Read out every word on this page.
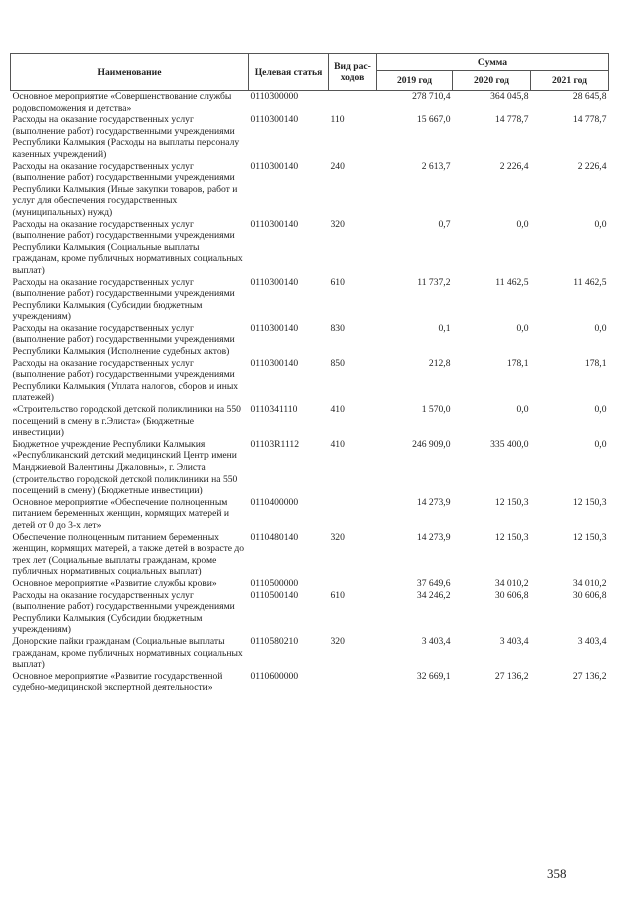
Наименование	Целевая статья	Вид рас-ходов	Сумма		
			2019 год	2020 год	2021 год
Основное мероприятие «Совершенствование службы родовспоможения и детства»	0110300000		278 710,4	364 045,8	28 645,8
Расходы на оказание государственных услуг (выполнение работ) государственными учреждениями Республики Калмыкия (Расходы на выплаты персоналу казенных учреждений)	0110300140	110	15 667,0	14 778,7	14 778,7
Расходы на оказание государственных услуг (выполнение работ) государственными учреждениями Республики Калмыкия (Иные закупки товаров, работ и услуг для обеспечения государственных (муниципальных) нужд)	0110300140	240	2 613,7	2 226,4	2 226,4
Расходы на оказание государственных услуг (выполнение работ) государственными учреждениями Республики Калмыкия (Социальные выплаты гражданам, кроме публичных нормативных социальных выплат)	0110300140	320	0,7	0,0	0,0
Расходы на оказание государственных услуг (выполнение работ) государственными учреждениями Республики Калмыкия (Субсидии бюджетным учреждениям)	0110300140	610	11 737,2	11 462,5	11 462,5
Расходы на оказание государственных услуг (выполнение работ) государственными учреждениями Республики Калмыкия (Исполнение судебных актов)	0110300140	830	0,1	0,0	0,0
Расходы на оказание государственных услуг (выполнение работ) государственными учреждениями Республики Калмыкия (Уплата налогов, сборов и иных платежей)	0110300140	850	212,8	178,1	178,1
«Строительство городской детской поликлиники на 550 посещений в смену в г.Элиста» (Бюджетные инвестиции)	0110341110	410	1 570,0	0,0	0,0
Бюджетное учреждение Республики Калмыкия «Республиканский детский медицинский Центр имени Манджиевой Валентины Джаловны», г. Элиста (строительство городской детской поликлиники на 550 посещений в смену) (Бюджетные инвестиции)	01103R1112	410	246 909,0	335 400,0	0,0
Основное мероприятие «Обеспечение полноценным питанием беременных женщин, кормящих матерей и детей от 0 до 3-х лет»	0110400000		14 273,9	12 150,3	12 150,3
Обеспечение полноценным питанием беременных женщин, кормящих матерей, а также детей в возрасте до трех лет (Социальные выплаты гражданам, кроме публичных нормативных социальных выплат)	0110480140	320	14 273,9	12 150,3	12 150,3
Основное мероприятие «Развитие службы крови»	0110500000		37 649,6	34 010,2	34 010,2
Расходы на оказание государственных услуг (выполнение работ) государственными учреждениями Республики Калмыкия (Субсидии бюджетным учреждениям)	0110500140	610	34 246,2	30 606,8	30 606,8
Донорские пайки гражданам (Социальные выплаты гражданам, кроме публичных нормативных социальных выплат)	0110580210	320	3 403,4	3 403,4	3 403,4
Основное мероприятие «Развитие государственной судебно-медицинской экспертной деятельности»	0110600000		32 669,1	27 136,2	27 136,2
358
